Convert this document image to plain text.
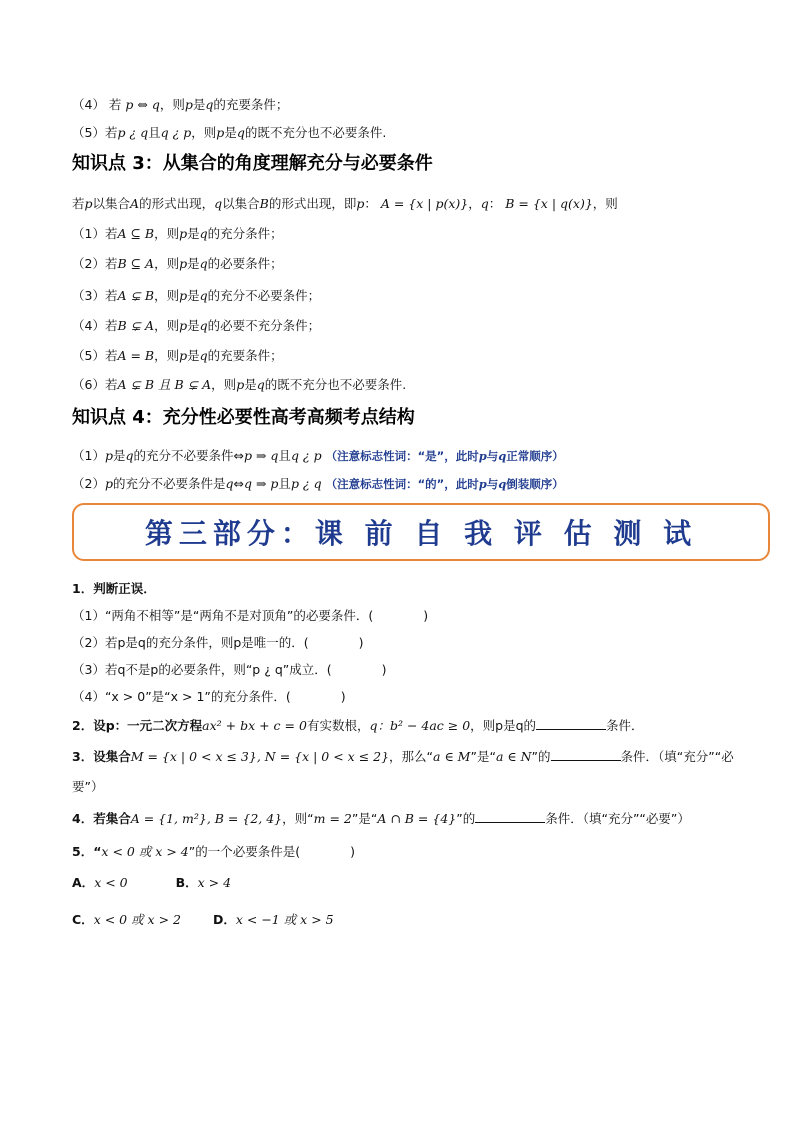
（4） 若 p ⇔ q，则p是q的充要条件；
（5）若p ¿ q且q ¿ p，则p是q的既不充分也不必要条件.
知识点 3：从集合的角度理解充分与必要条件
若p以集合A的形式出现，q以集合B的形式出现，即p： A = {x | p(x)}，q： B = {x | q(x)}，则
（1）若A ⊆ B，则p是q的充分条件；
（2）若B ⊆ A，则p是q的必要条件；
（3）若A ⊊ B，则p是q的充分不必要条件；
（4）若B ⊊ A，则p是q的必要不充分条件；
（5）若A = B，则p是q的充要条件；
（6）若A ⊊ B 且 B ⊊ A，则p是q的既不充分也不必要条件.
知识点 4：充分性必要性高考高频考点结构
（1）p是q的充分不必要条件⇔p ⇒ q且q ¿ p （注意标志性词：“是”，此时p与q正常顺序）
（2）p的充分不必要条件是q⇔q ⇒ p且p ¿ q （注意标志性词：“的”，此时p与q倒装顺序）
第三部分：课 前 自 我 评 估 测 试
1．判断正误．
（1）“两角不相等”是“两角不是对顶角”的必要条件．(	)
（2）若p是q的充分条件，则p是唯一的．(	)
（3）若q不是p的必要条件，则“p ¿ q”成立．(	)
（4）“x > 0”是“x > 1”的充分条件．(	)
2．设p：一元二次方程ax² + bx + c = 0有实数根，q：b² − 4ac ≥ 0，则p是q的	条件．
3．设集合M = {x | 0 < x ≤ 3}, N = {x | 0 < x ≤ 2}，那么“a ∈ M”是“a ∈ N”的	条件．（填“充分”“必
要”）
4．若集合A = {1, m²}, B = {2, 4}，则“m = 2”是“A ∩ B = {4}”的	条件．（填“充分”“必要”）
5．“x < 0 或 x > 4”的一个必要条件是(	)
A．x < 0	B．x > 4
C．x < 0 或 x > 2	D．x < −1 或 x > 5
